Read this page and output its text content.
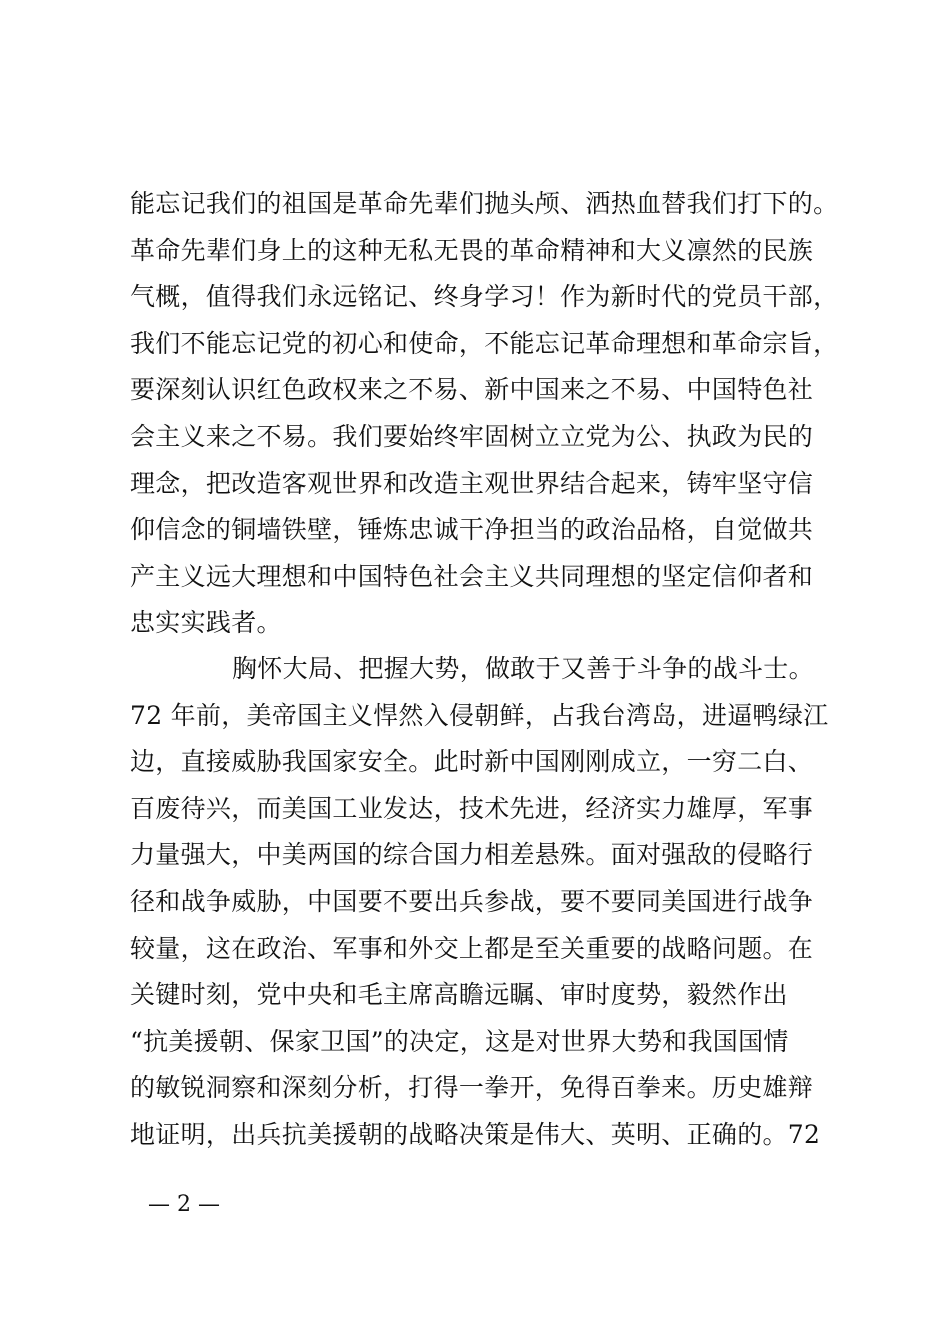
能忘记我们的祖国是革命先辈们抛头颅、洒热血替我们打下的。
革命先辈们身上的这种无私无畏的革命精神和大义凛然的民族
气概，值得我们永远铭记、终身学习！作为新时代的党员干部，
我们不能忘记党的初心和使命，不能忘记革命理想和革命宗旨，
要深刻认识红色政权来之不易、新中国来之不易、中国特色社
会主义来之不易。我们要始终牢固树立立党为公、执政为民的
理念，把改造客观世界和改造主观世界结合起来，铸牢坚守信
仰信念的铜墙铁壁，锤炼忠诚干净担当的政治品格，自觉做共
产主义远大理想和中国特色社会主义共同理想的坚定信仰者和
忠实实践者。
胸怀大局、把握大势，做敢于又善于斗争的战斗士。
72 年前，美帝国主义悍然入侵朝鲜，占我台湾岛，进逼鸭绿江
边，直接威胁我国家安全。此时新中国刚刚成立，一穷二白、
百废待兴，而美国工业发达，技术先进，经济实力雄厚，军事
力量强大，中美两国的综合国力相差悬殊。面对强敌的侵略行
径和战争威胁，中国要不要出兵参战，要不要同美国进行战争
较量，这在政治、军事和外交上都是至关重要的战略问题。在
关键时刻，党中央和毛主席高瞻远瞩、审时度势，毅然作出
“抗美援朝、保家卫国”的决定，这是对世界大势和我国国情
的敏锐洞察和深刻分析，打得一拳开，免得百拳来。历史雄辩
地证明，出兵抗美援朝的战略决策是伟大、英明、正确的。72
— 2 —
